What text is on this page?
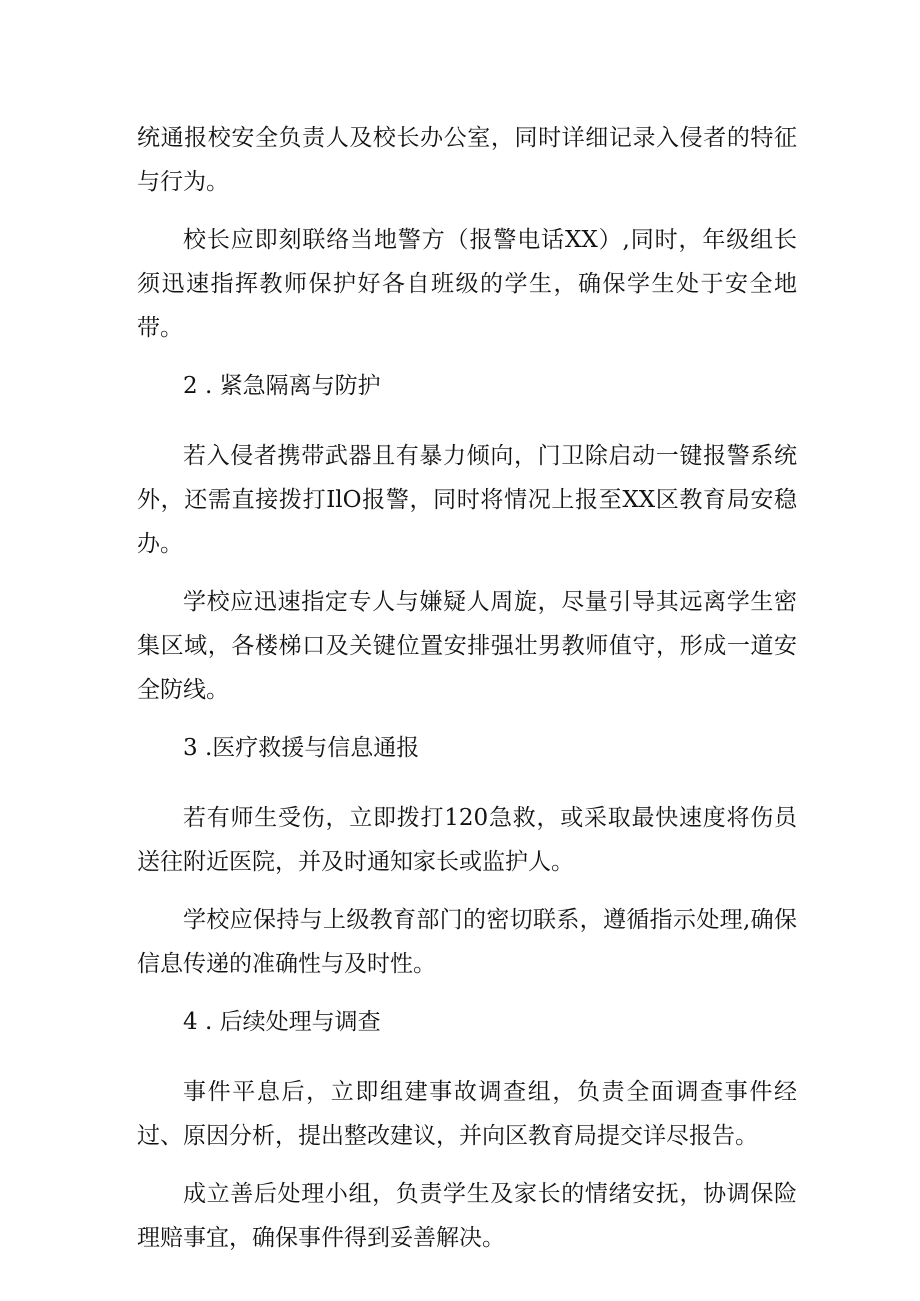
统通报校安全负责人及校长办公室，同时详细记录入侵者的特征与行为。

校长应即刻联络当地警方（报警电话XX）,同时，年级组长须迅速指挥教师保护好各自班级的学生，确保学生处于安全地带。

2 . 紧急隔离与防护

若入侵者携带武器且有暴力倾向，门卫除启动一键报警系统外，还需直接拨打IlO报警，同时将情况上报至XX区教育局安稳办。

学校应迅速指定专人与嫌疑人周旋，尽量引导其远离学生密集区域，各楼梯口及关键位置安排强壮男教师值守，形成一道安全防线。

3 .医疗救援与信息通报

若有师生受伤，立即拨打120急救，或采取最快速度将伤员送往附近医院，并及时通知家长或监护人。

学校应保持与上级教育部门的密切联系，遵循指示处理,确保信息传递的准确性与及时性。

4 . 后续处理与调查

事件平息后，立即组建事故调查组，负责全面调查事件经过、原因分析，提出整改建议，并向区教育局提交详尽报告。

成立善后处理小组，负责学生及家长的情绪安抚，协调保险理赔事宜，确保事件得到妥善解决。
